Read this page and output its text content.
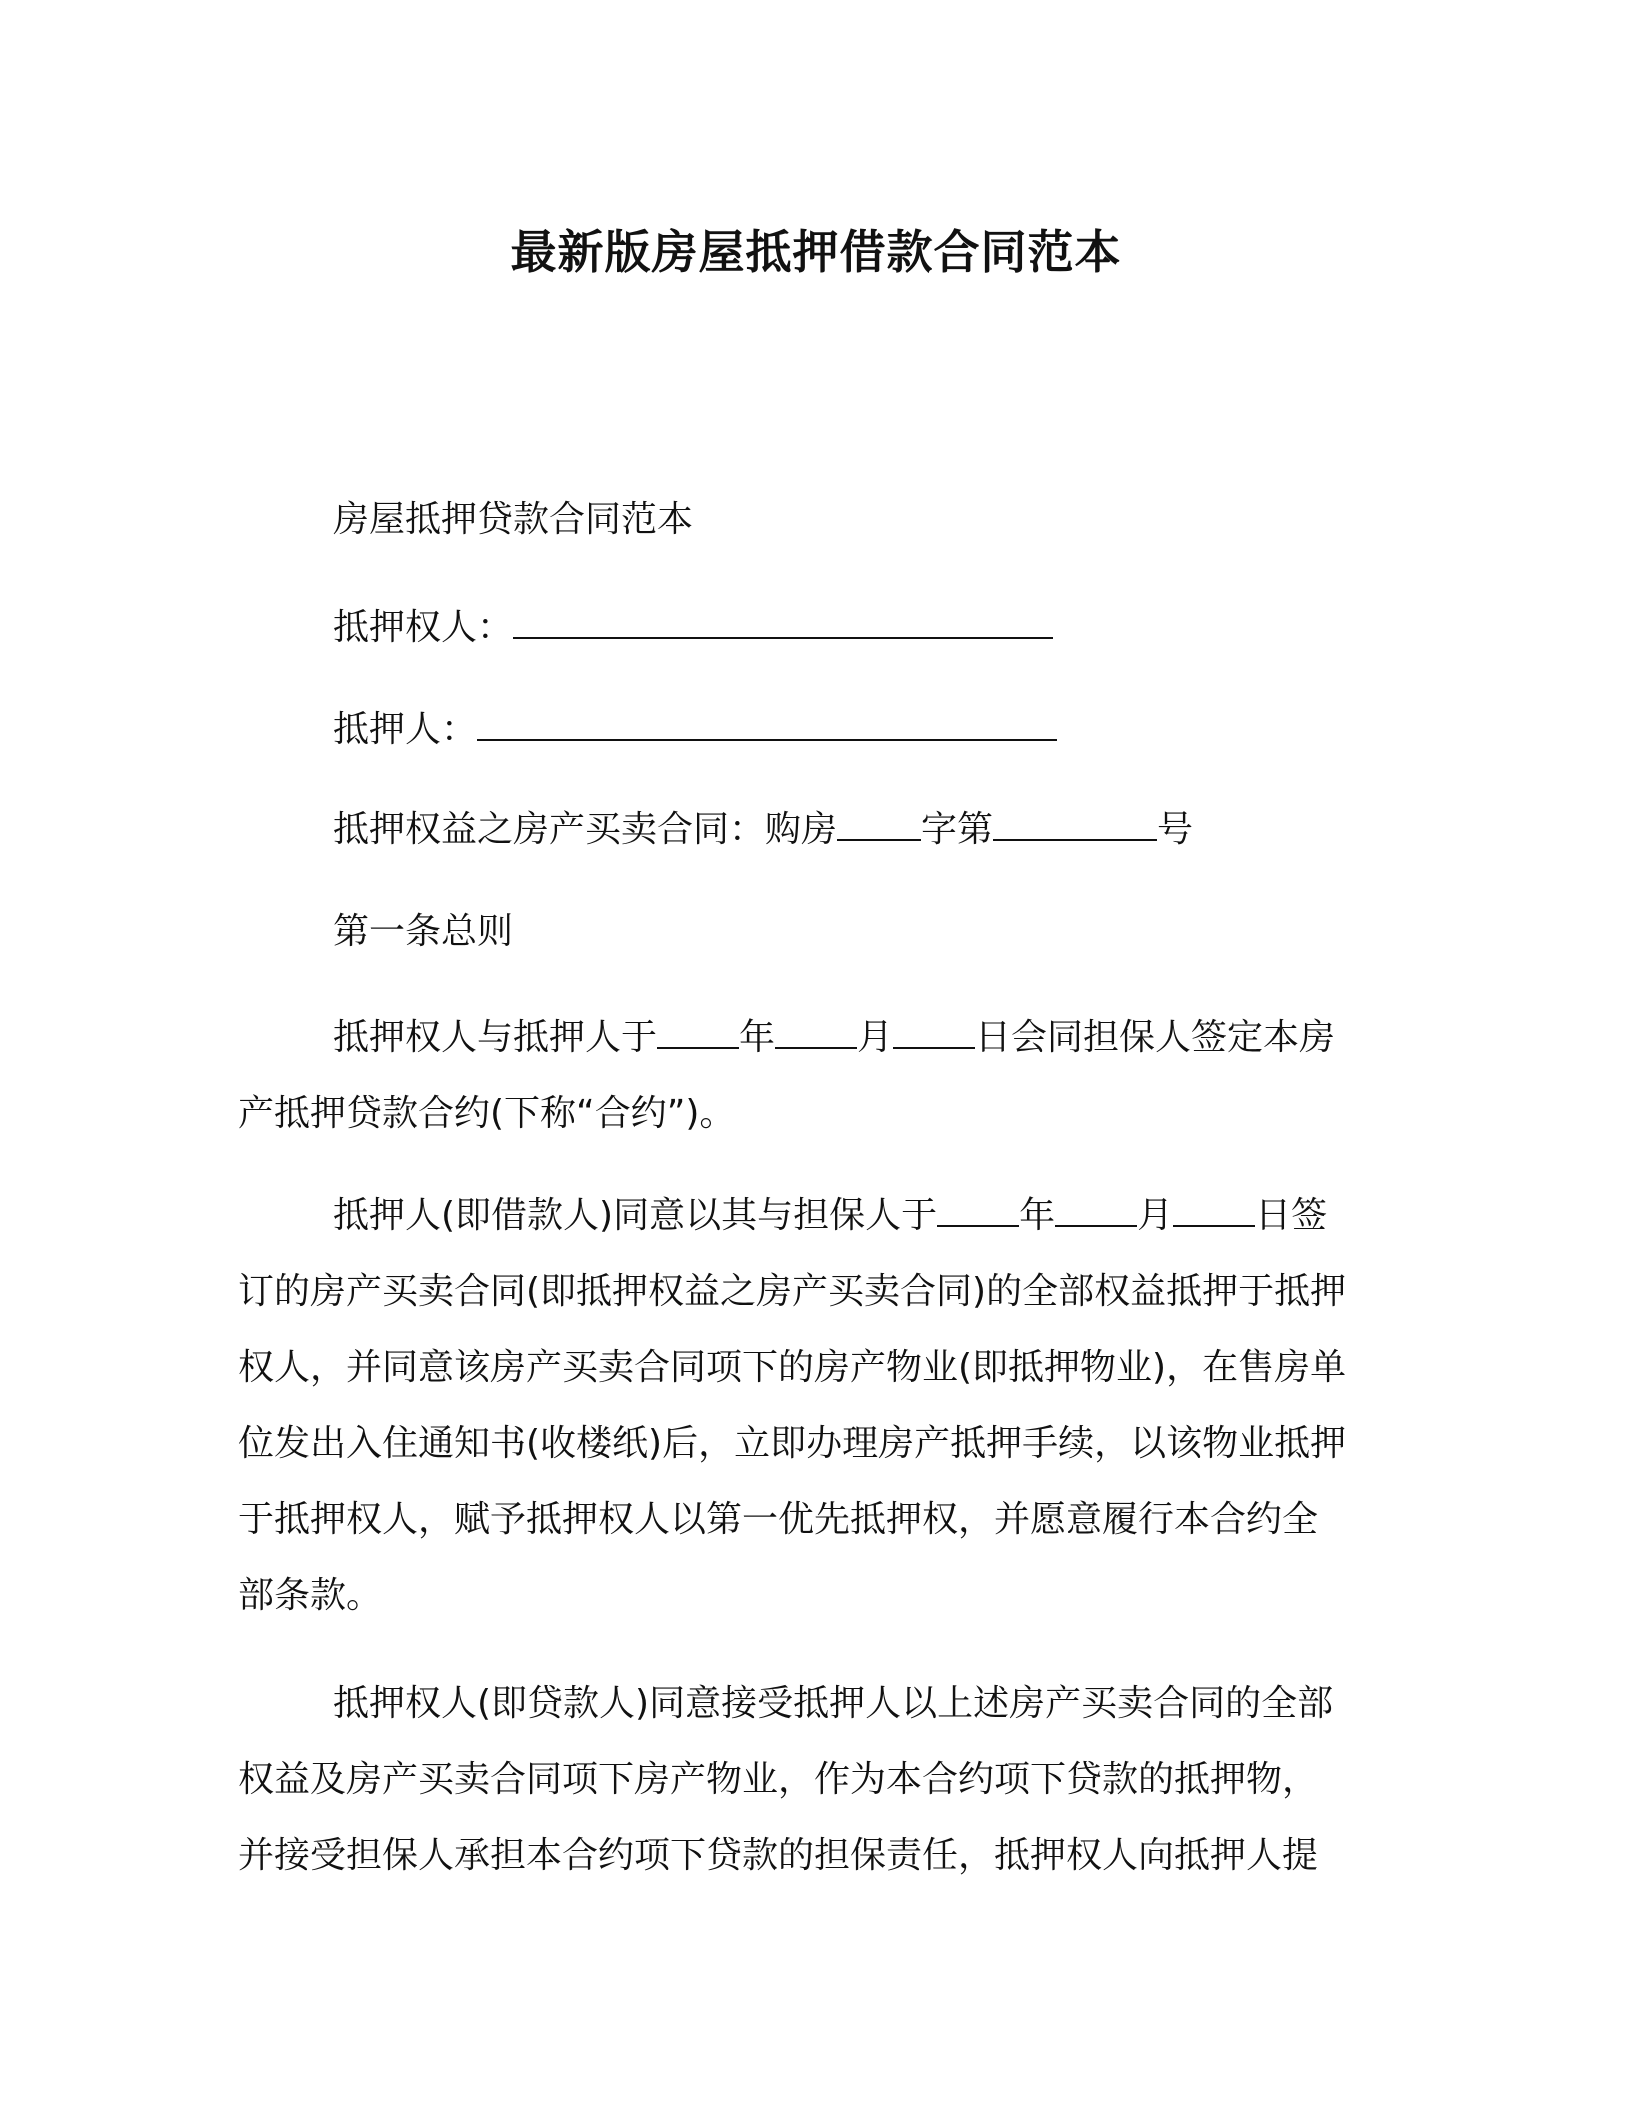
最新版房屋抵押借款合同范本
房屋抵押贷款合同范本
抵押权人：
抵押人：
抵押权益之房产买卖合同：购房 字第	号
第一条总则
抵押权人与抵押人于 年 月 日会同担保人签定本房
产抵押贷款合约(下称“合约”)。
抵押人(即借款人)同意以其与担保人于 年 月 日签
订的房产买卖合同(即抵押权益之房产买卖合同)的全部权益抵押于抵押
权人，并同意该房产买卖合同项下的房产物业(即抵押物业)，在售房单
位发出入住通知书(收楼纸)后，立即办理房产抵押手续，以该物业抵押
于抵押权人，赋予抵押权人以第一优先抵押权，并愿意履行本合约全
部条款。
抵押权人(即贷款人)同意接受抵押人以上述房产买卖合同的全部
权益及房产买卖合同项下房产物业，作为本合约项下贷款的抵押物，
并接受担保人承担本合约项下贷款的担保责任，抵押权人向抵押人提
